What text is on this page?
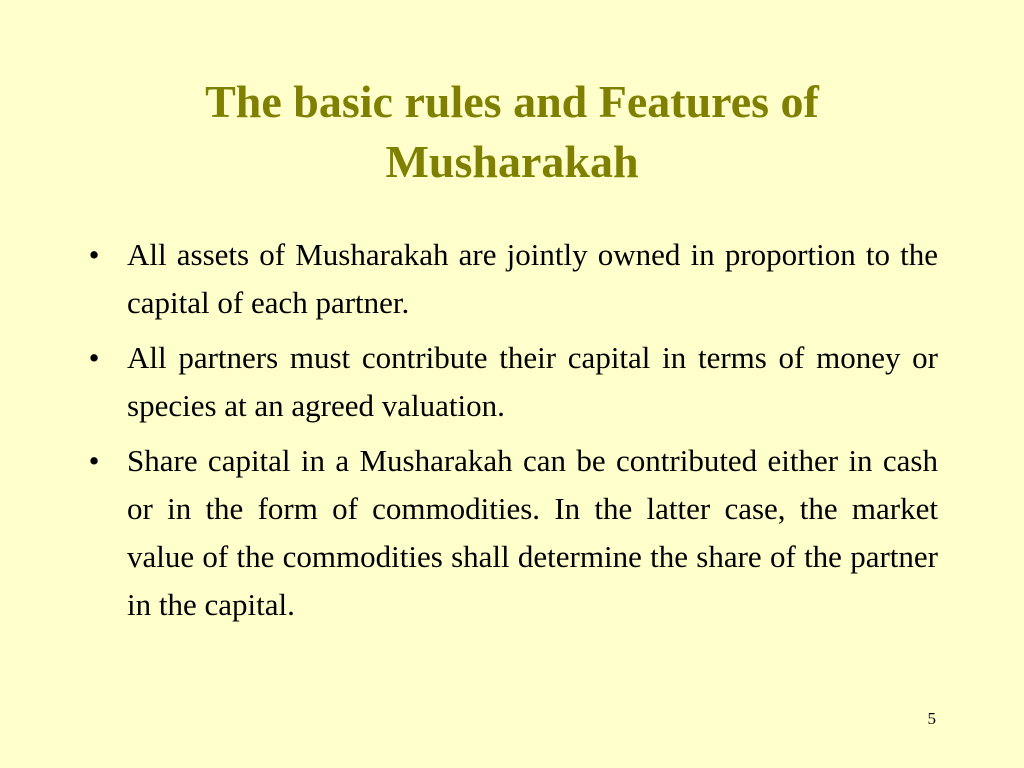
The basic rules and Features of
Musharakah
• All assets of Musharakah are jointly owned in proportion to the capital of each partner.
• All partners must contribute their capital in terms of money or species at an agreed valuation.
• Share capital in a Musharakah can be contributed either in cash or in the form of commodities. In the latter case, the market value of the commodities shall determine the share of the partner in the capital.
5
